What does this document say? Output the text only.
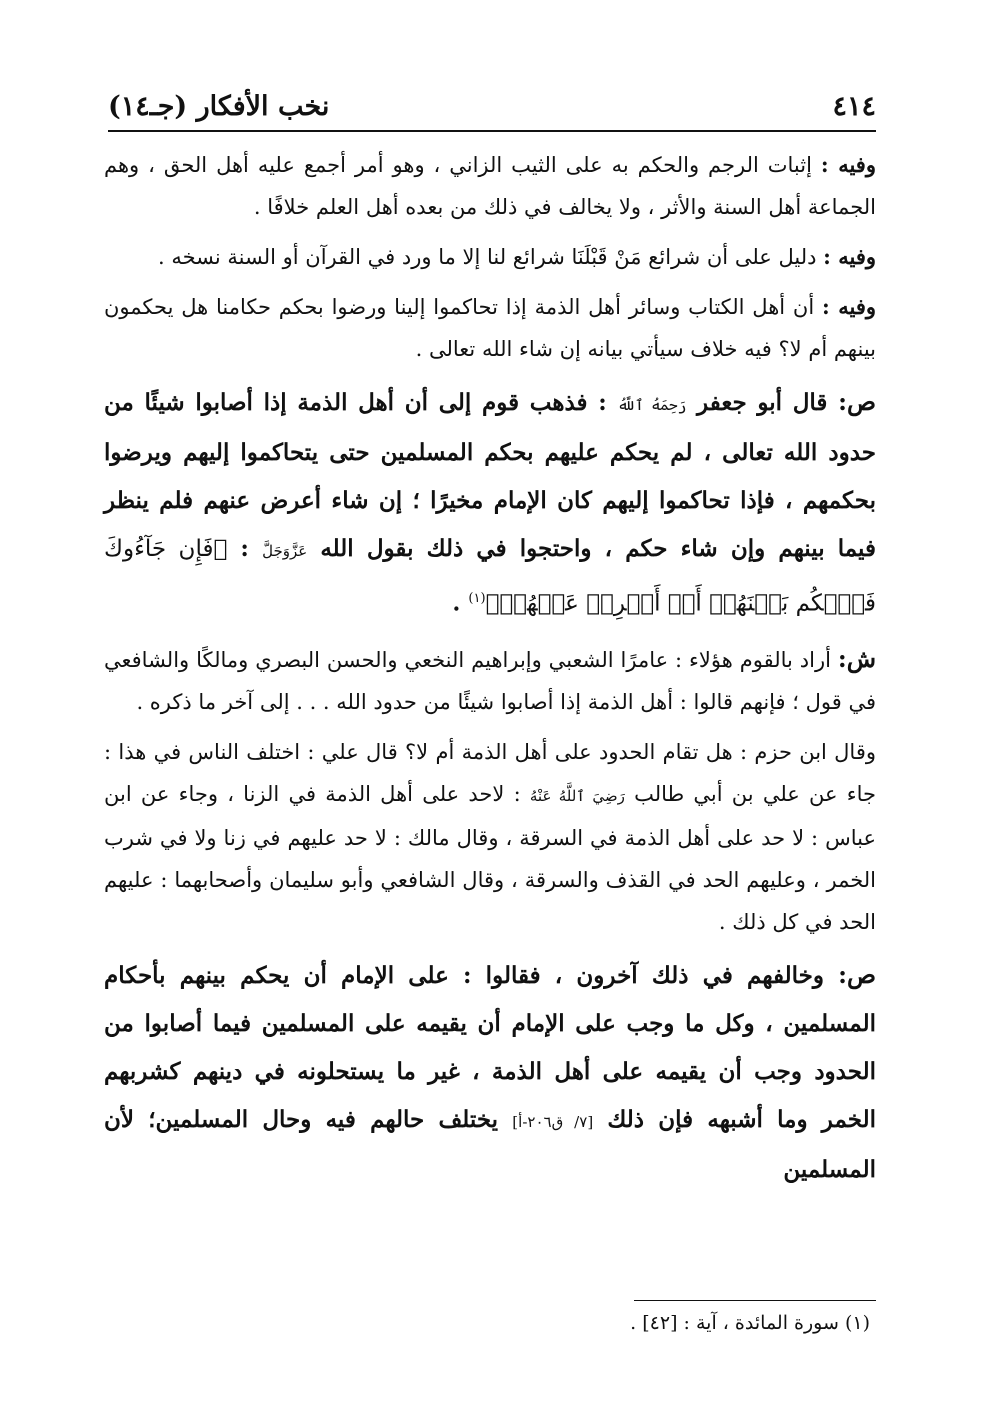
٤١٤
نخب الأفكار (جـ١٤)

وفيه : إثبات الرجم والحكم به على الثيب الزاني ، وهو أمر أجمع عليه أهل الحق ، وهم الجماعة أهل السنة والأثر ، ولا يخالف في ذلك من بعده أهل العلم خلافًا .

وفيه : دليل على أن شرائع مَنْ قَبْلَنَا شرائع لنا إلا ما ورد في القرآن أو السنة نسخه .

وفيه : أن أهل الكتاب وسائر أهل الذمة إذا تحاكموا إلينا ورضوا بحكم حكامنا هل يحكمون بينهم أم لا؟ فيه خلاف سيأتي بيانه إن شاء الله تعالى .

ص: قال أبو جعفر رَحِمَهُ ٱللَّهُ : فذهب قوم إلى أن أهل الذمة إذا أصابوا شيئًا من حدود الله تعالى ، لم يحكم عليهم بحكم المسلمين حتى يتحاكموا إليهم ويرضوا بحكمهم ، فإذا تحاكموا إليهم كان الإمام مخيرًا ؛ إن شاء أعرض عنهم فلم ينظر فيما بينهم وإن شاء حكم ، واحتجوا في ذلك بقول الله عَزَّوَجَلَّ : ﴿فَإِن جَآءُوكَ فَٱحۡكُم بَيۡنَهُمۡ أَوۡ أَعۡرِضۡ عَنۡهُمۡ﴾$^{(١)}$ .

ش: أراد بالقوم هؤلاء : عامرًا الشعبي وإبراهيم النخعي والحسن البصري ومالكًا والشافعي في قول ؛ فإنهم قالوا : أهل الذمة إذا أصابوا شيئًا من حدود الله . . . إلى آخر ما ذكره .

وقال ابن حزم : هل تقام الحدود على أهل الذمة أم لا؟ قال علي : اختلف الناس في هذا : جاء عن علي بن أبي طالب رَضِيَ ٱللَّهُ عَنْهُ : لاحد على أهل الذمة في الزنا ، وجاء عن ابن عباس : لا حد على أهل الذمة في السرقة ، وقال مالك : لا حد عليهم في زنا ولا في شرب الخمر ، وعليهم الحد في القذف والسرقة ، وقال الشافعي وأبو سليمان وأصحابهما : عليهم الحد في كل ذلك .

ص: وخالفهم في ذلك آخرون ، فقالوا : على الإمام أن يحكم بينهم بأحكام المسلمين ، وكل ما وجب على الإمام أن يقيمه على المسلمين فيما أصابوا من الحدود وجب أن يقيمه على أهل الذمة ، غير ما يستحلونه في دينهم كشربهم الخمر وما أشبهه فإن ذلك [٧/ ق٢٠٦-أ] يختلف حالهم فيه وحال المسلمين؛ لأن المسلمين

(١) سورة المائدة ، آية : [٤٢] .
